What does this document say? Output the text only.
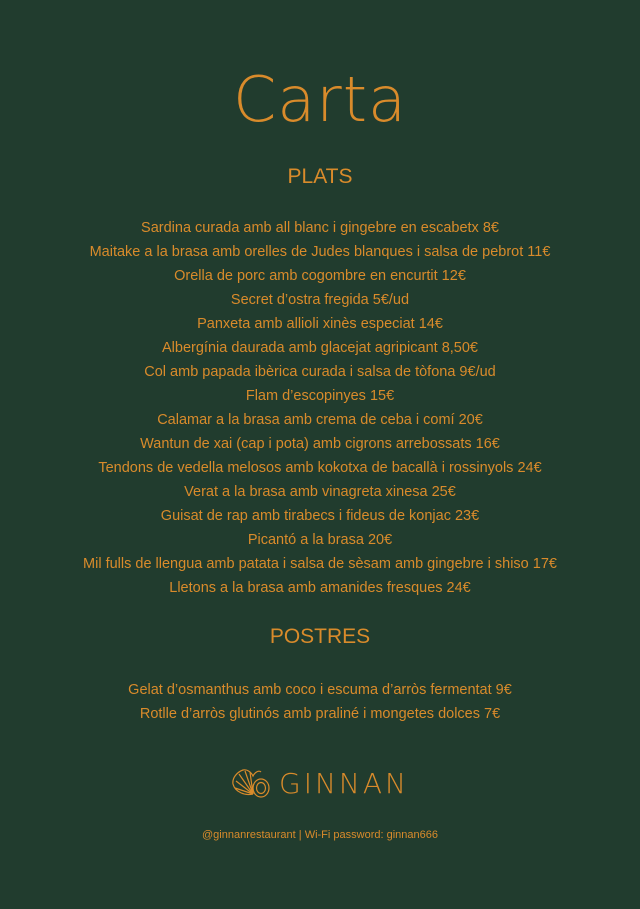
Carta
PLATS
Sardina curada amb all blanc i gingebre en escabetx 8€
Maitake a la brasa amb orelles de Judes blanques i salsa de pebrot 11€
Orella de porc amb cogombre en encurtit 12€
Secret d’ostra fregida 5€/ud
Panxeta amb allioli xinès especiat 14€
Albergínia daurada amb glacejat agripicant 8,50€
Col amb papada ibèrica curada i salsa de tòfona 9€/ud
Flam d’escopinyes 15€
Calamar a la brasa amb crema de ceba i comí 20€
Wantun de xai (cap i pota) amb cigrons arrebossats 16€
Tendons de vedella melosos amb kokotxa de bacallà i rossinyols 24€
Verat a la brasa amb vinagreta xinesa 25€
Guisat de rap amb tirabecs i fideus de konjac 23€
Picantó a la brasa 20€
Mil fulls de llengua amb patata i salsa de sèsam amb gingebre i shiso 17€
Lletons a la brasa amb amanides fresques 24€
POSTRES
Gelat d’osmanthus amb coco i escuma d’arròs fermentat 9€
Rotlle d’arròs glutinós amb praliné i mongetes dolces 7€
GINNAN
@ginnanrestaurant | Wi-Fi password: ginnan666
